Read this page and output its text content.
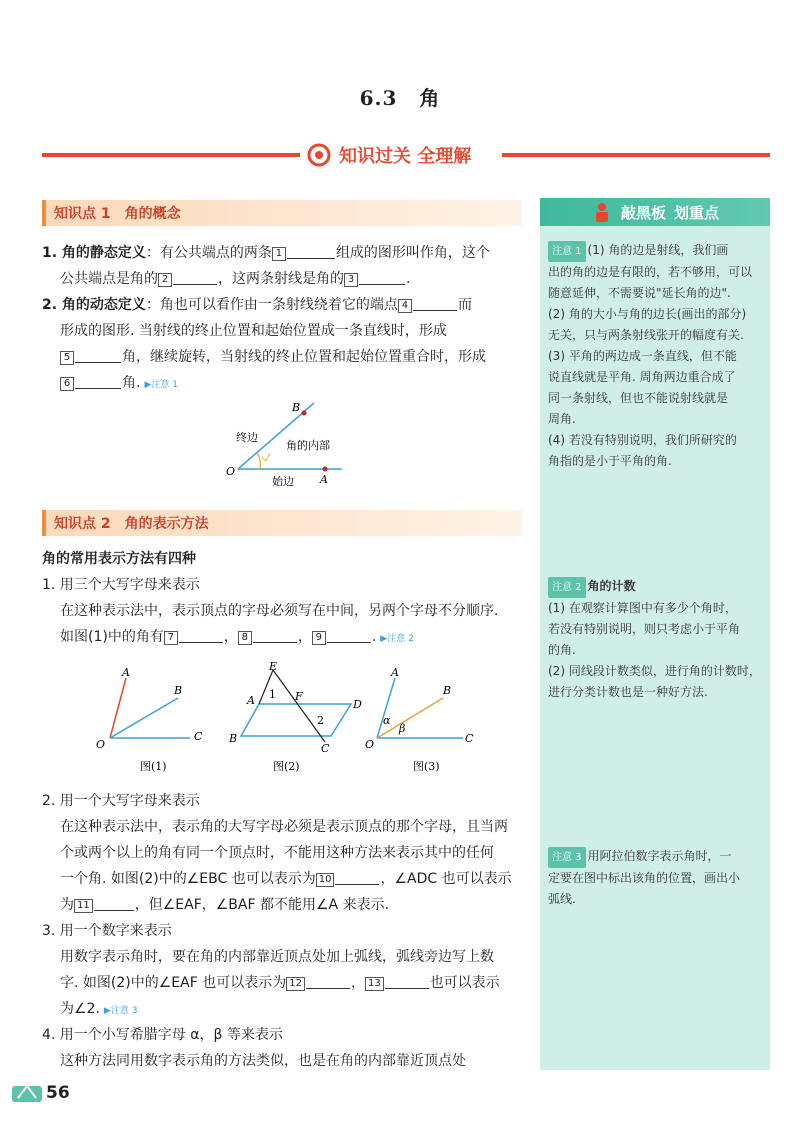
6.3 角
知识过关 全理解
知识点 1　角的概念
1. 角的静态定义：有公共端点的两条 1	组成的图形叫作角，这个
公共端点是角的 2	，这两条射线是角的 3	.
2. 角的动态定义：角也可以看作由一条射线绕着它的端点 4	而
形成的图形. 当射线的终止位置和起始位置成一条直线时，形成
5	角，继续旋转，当射线的终止位置和起始位置重合时，形成
6	角. ▶注意 1
O
A
B
终边
角的内部
始边
知识点 2　角的表示方法
角的常用表示方法有四种
1. 用三个大写字母来表示
在这种表示法中，表示顶点的字母必须写在中间，另两个字母不分顺序.
如图(1)中的角有 7	， 8	， 9	. ▶注意 2
A
B
O
C
图(1)
E
A	F
D
B
C
1
2
图(2)
A
B
O	C
α
β
图(3)
2. 用一个大写字母来表示
在这种表示法中，表示角的大写字母必须是表示顶点的那个字母，且当两
个或两个以上的角有同一个顶点时，不能用这种方法来表示其中的任何
一个角. 如图(2)中的∠EBC 也可以表示为 10	，∠ADC 也可以表示
为 11	，但∠EAF，∠BAF 都不能用∠A 来表示.
3. 用一个数字来表示
用数字表示角时，要在角的内部靠近顶点处加上弧线，弧线旁边写上数
字. 如图(2)中的∠EAF 也可以表示为 12	， 13	也可以表示
为∠2. ▶注意 3
4. 用一个小写希腊字母 α，β 等来表示
这种方法同用数字表示角的方法类似，也是在角的内部靠近顶点处
敲黑板 划重点
注意 1 (1) 角的边是射线，我们画
出的角的边是有限的，若不够用，可以
随意延伸，不需要说"延长角的边".
(2) 角的大小与角的边长(画出的部分)
无关，只与两条射线张开的幅度有关.
(3) 平角的两边成一条直线，但不能
说直线就是平角. 周角两边重合成了
同一条射线，但也不能说射线就是
周角.
(4) 若没有特别说明，我们所研究的
角指的是小于平角的角.
注意 2 角的计数
(1) 在观察计算图中有多少个角时，
若没有特别说明，则只考虑小于平角
的角.
(2) 同线段计数类似，进行角的计数时，
进行分类计数也是一种好方法.
注意 3 用阿拉伯数字表示角时，一
定要在图中标出该角的位置，画出小
弧线.
56
